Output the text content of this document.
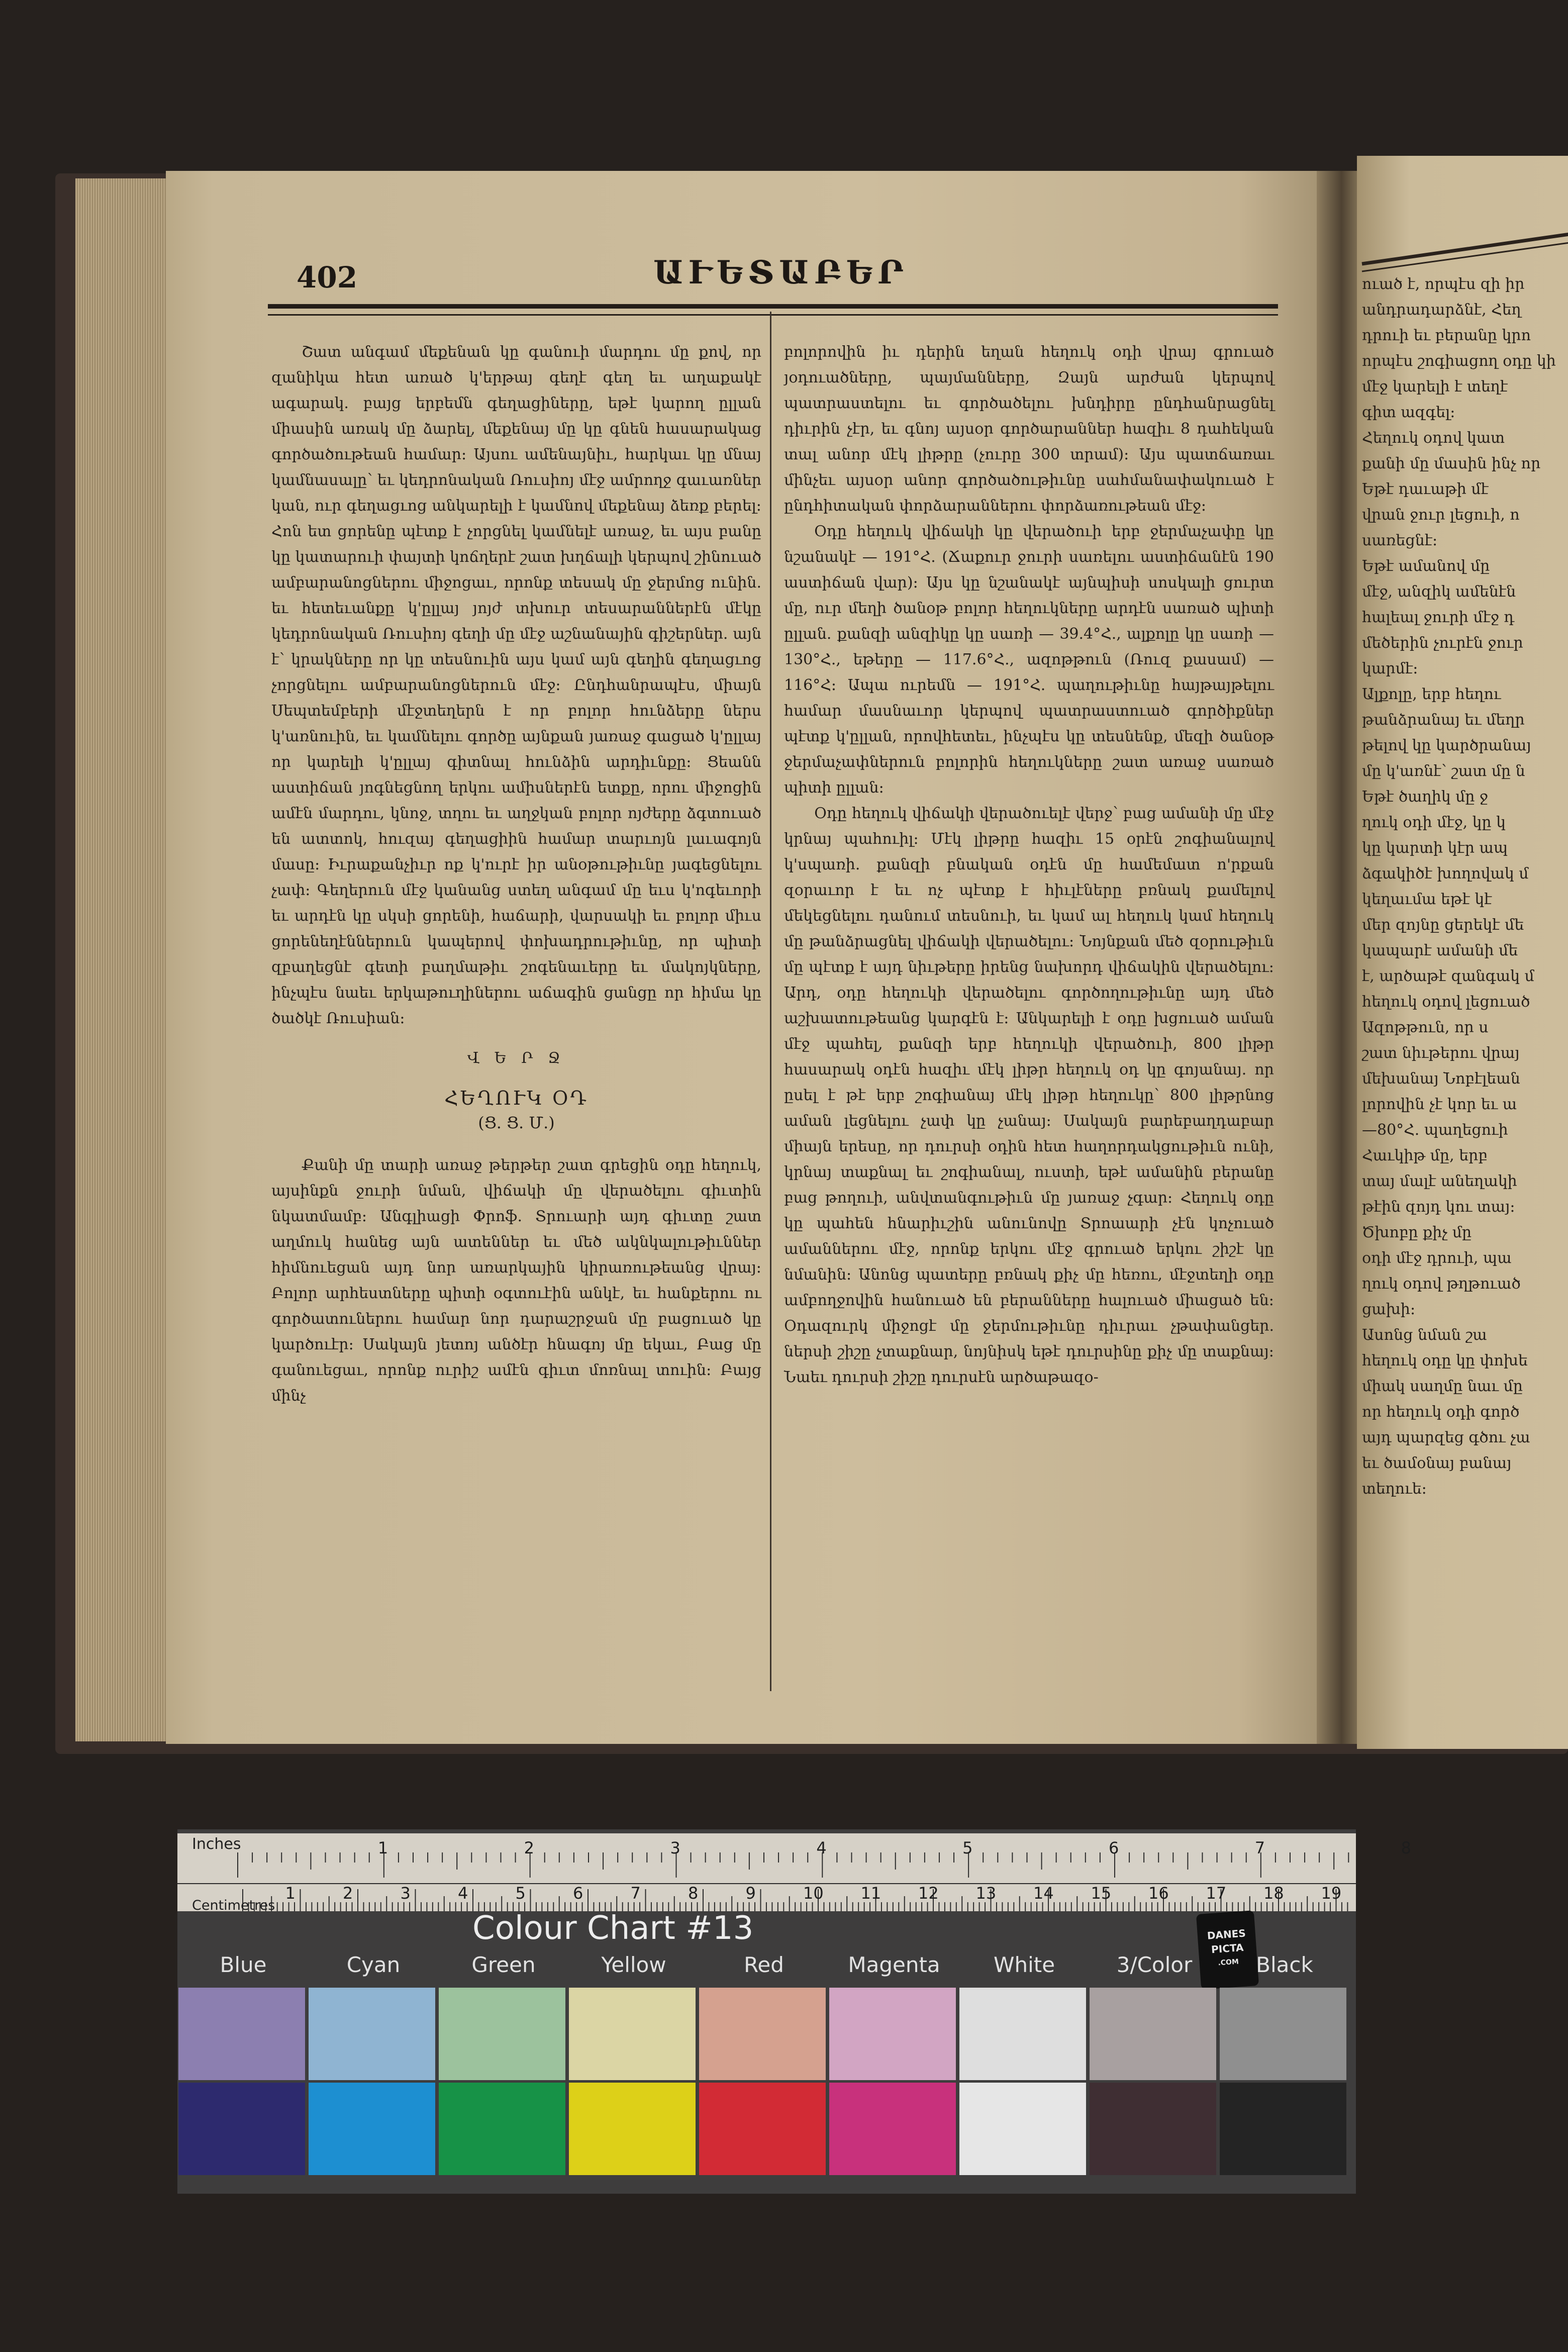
402	ԱՒԵՏԱԲԵՐ

Շատ անգամ մեքենան կը գանուի մարդու մը քով, որ զանիկա հետ առած կ'երթայ գեղէ գեղ եւ աղաքակէ ագարակ. բայց երբեմն գեղացիները, եթէ կարող ըլլան միասին առակ մը ձարել, մեքենայ մը կը գնեն հասարակաց գործածութեան համար։ Այսու ամենայնիւ, հարկաւ կը մնայ կամնասալը՝ եւ կեդրոնական Ռուսիոյ մէջ ամրողջ գաւառներ կան, ուր գեղացւոց անկարելի է կամնով մեքենայ ձեռք բերել։ Հոն ետ ցորենը պէտք է չորցնել կամնելէ առաջ, եւ այս բանը կը կատարուի փայտի կոճղերէ շատ խղճալի կերպով շինուած ամբարանոցներու միջոցաւ, որոնք տեսակ մը ջերմոց ունին. եւ հետեւանքը կ'ըլլայ յոյժ տխուր տեսարաններէն մէկը կեդրոնական Ռուսիոյ գեղի մը մէջ աշնանային գիշերներ. այն է՝ կրակները որ կը տեսնուին այս կամ այն գեղին գեղացւոց չորցնելու ամբարանոցներուն մէջ։ Ընդհանրապէս, միայն Սեպտեմբերի մէջտեղերն է որ բոլոր հունձերը ներս կ'առնուին, եւ կամնելու գործը այնքան յառաջ գացած կ'ըլլայ որ կարելի կ'ըլլայ գիտնալ հունձին արդիւնքը։ Ցեանն աստիճան յոգնեցնող երկու ամիսներէն ետքը, որու միջոցին ամէն մարդու, կնոջ, տղու եւ աղջկան բոլոր ոյժերը ձգտուած են ատտոկ, հուզայ գեղացիին համար տարւոյն լաւագոյն մասը։ Իւրաքանչիւր ոք կ'ուրէ իր անօթութիւնը յագեցնելու չափ։ Գեղերուն մէջ կանանց ստեղ անգամ մը եւս կ'ոգեւորի եւ արդէն կը սկսի ցորենի, հաճարի, վարսակի եւ բոլոր միւս ցորենեղէններուն կապերով փոխադրութիւնը, որ պիտի զբաղեցնէ գետի բաղմաթիւ շոգենաւերը եւ մակոյկները, ինչպէս նաեւ երկաթուղիներու աճագին ցանցը որ հիմա կը ծածկէ Ռուսիան։

Վ Ե Ր Ջ
ՀԵՂՈՒԿ ՕԴ
(Ց. Ց. Մ.)

Քանի մը տարի առաջ թերթեր շատ գրեցին օդը հեղուկ, այսինքն ջուրի նման, վիճակի մը վերածելու գիւտին նկատմամբ։ Անգլիացի Փրոֆ. Տրուարի այդ գիւտը շատ աղմուկ հանեց այն ատեններ եւ մեծ ակնկալութիւններ հիմնուեցան այդ նոր առարկային կիրառութեանց վրայ։ Բոլոր արհեստները պիտի օգտուէին անկէ, եւ հանքերու ու գործատուներու համար նոր դարաշրջան մը բացուած կը կարծուէր։ Սակայն յետոյ անծէր հնագոյ մը եկաւ, Բաց մը գանուեցաւ, որոնք ուրիշ ամէն գիւտ մոռնալ տուին։ Բայց մինչ

բոլորովին իւ դերին եղան հեղուկ օդի վրայ գրուած յօդուածները, պայմանները, Զայն արժան կերպով պատրաստելու եւ գործածելու խնդիրը ընդհանրացնել դիւրին չէր, եւ գնոյ այսօր գործարաններ հազիւ 8 դահեկան տալ անոր մէկ լիթրը (չուրը 300 տրամ)։ Այս պատճառաւ մինչեւ այսօր անոր գործածութիւնը սահմանափակուած է ընդհիտական փորձարաններու փորձառութեան մէջ։

Օդը հեղուկ վիճակի կը վերածուի երբ ջերմաչափը կը նշանակէ — 191°Հ. (Ճաքուր ջուրի սառելու աստիճանէն 190 աստիճան վար)։ Այս կը նշանակէ այնպիսի սոսկալի ցուրտ մը, ուր մեղի ծանօթ բոլոր հեղուկները արդէն սառած պիտի ըլլան. քանզի անզիկը կը սառի — 39.4°Հ., ալքոլը կը սառի — 130°Հ., եթերը — 117.6°Հ., ազոթթուն (Ռուզ քասամ) — 116°Հ։ Ապա ուրեմն — 191°Հ. պաղութիւնը հայթայթելու համար մասնաւոր կերպով պատրաստուած գործիքներ պէտք կ'ըլլան, որովհետեւ, ինչպէս կը տեսնենք, մեզի ծանօթ ջերմաչափներուն բոլորին հեղուկները շատ առաջ սառած պիտի ըլլան։

Օդը հեղուկ վիճակի վերածուելէ վերջ՝ բաց ամանի մը մէջ կրնայ պահուիլ։ Մէկ լիթրը հազիւ 15 օրէն շոգիանալով կ'սպառի. քանզի բնական օդէն մը համեմատ ո'րքան զօրաւոր է եւ ոչ պէտք է հիւլէները բռնակ քամելով մեկեցնելու դանում տեսնուի, եւ կամ ալ հեղուկ կամ հեղուկ մը թանձրացնել վիճակի վերածելու։ Նոյնքան մեծ զօրութիւն մը պէտք է այդ նիւթերը իրենց նախորդ վիճակին վերածելու։ Արդ, օդը հեղուկի վերածելու գործողութիւնը այդ մեծ աշխատութեանց կարգէն է։ Անկարելի է օդը խցուած աման մէջ պահել, քանզի երբ հեղուկի վերածուի, 800 լիթր հասարակ օդէն հազիւ մէկ լիթր հեղուկ օդ կը գոյանայ. որ ըսել է թէ երբ շոգիանայ մէկ լիթր հեղուկը՝ 800 լիթրնոց աման լեցնելու չափ կը չանայ։ Սակայն բարեբաղդաբար միայն երեսը, որ դուրսի օդին հետ հաղորդակցութիւն ունի, կրնայ տաքնալ եւ շոգիանալ, ուստի, եթէ ամանին բերանը բաց թողուի, անվտանգութիւն մը յառաջ չգար։ Հեղուկ օդը կը պահեն հնարիւշին անունովը Տրոաարի չէն կոչուած ամաններու մէջ, որոնք երկու մէջ գրուած երկու շիշէ կը նմանին։ Անոնց պատերը բռնակ քիչ մը հեռու, մէջտեղի օդը ամբողջովին հանուած են բերանները հալուած միացած են։ Օդազուրկ միջոցէ մը ջերմութիւնը դիւրաւ չթափանցեր. ներսի շիշը չտաքնար, նոյնիսկ եթէ դուրսինը քիչ մը տաքնայ։ Նաեւ դուրսի շիշը դուրսէն արծաթազօ-

ուած է, որպէս զի իր

անդրադարձնէ, Հեղ

դրուի եւ բերանը կրո

որպէս շոգիացող օդը կի

մէջ կարելի է տեղէ

գիտ ազգել։

Հեղուկ օդով կատ

քանի մը մասին ինչ որ

Եթէ դաւաթի մէ

վրան ջուր լեցուի, ո

սառեցնէ։

Եթէ ամանով մը

մէջ, անզիկ ամենէն

հալեալ ջուրի մէջ դ

մեծերին չուրէն ջուր

կարմէ։

Ալքոլը, երբ հեղու

թանձրանայ եւ մեղր

թելով կը կարծրանայ

մը կ'առնէ՝ շատ մը ն

Եթէ ծաղիկ մը ջ

ղուկ օդի մէջ, կը կ

կը կարտի կէր ապ

ձգակիծէ խողովակ մ

կեղաւմա եթէ կէ

մեր զոյնը ցերեկէ մե

կապարէ ամանի մե

է, արծաթէ զանգակ մ

հեղուկ օդով լեցուած

Ազոթթուն, որ ս

շատ նիւթերու վրայ

մեխանայ Նոբէլեան

լորովին չէ կոր եւ ա

—80°Հ. պաղեցուի

Հաւկիթ մը, երբ

տայ մալէ անեղակի

թէին զոյդ կու տայ։

Ծխոբը քիչ մը

օդի մէջ դրուի, պա

ղուկ օդով թղթուած

ցախի։

Ասոնց նման շա

հեղուկ օդը կը փոխե

միակ սաղմը նաւ մը

որ հեղուկ օդի գործ

այդ պարզեց գծու չա

եւ ծամօնայ բանայ

տեղուե։

Inches
Centimetres
1	2	3	4	5	6	7	8
1	2	3	4	5	6	7	8	9	10 11 12 13 14 15 16 17 18 19
Colour Chart #13	DANES
PICTA
.COM
Blue	Cyan	Green	Yellow	Red	Magenta	White	3/Color	Black
